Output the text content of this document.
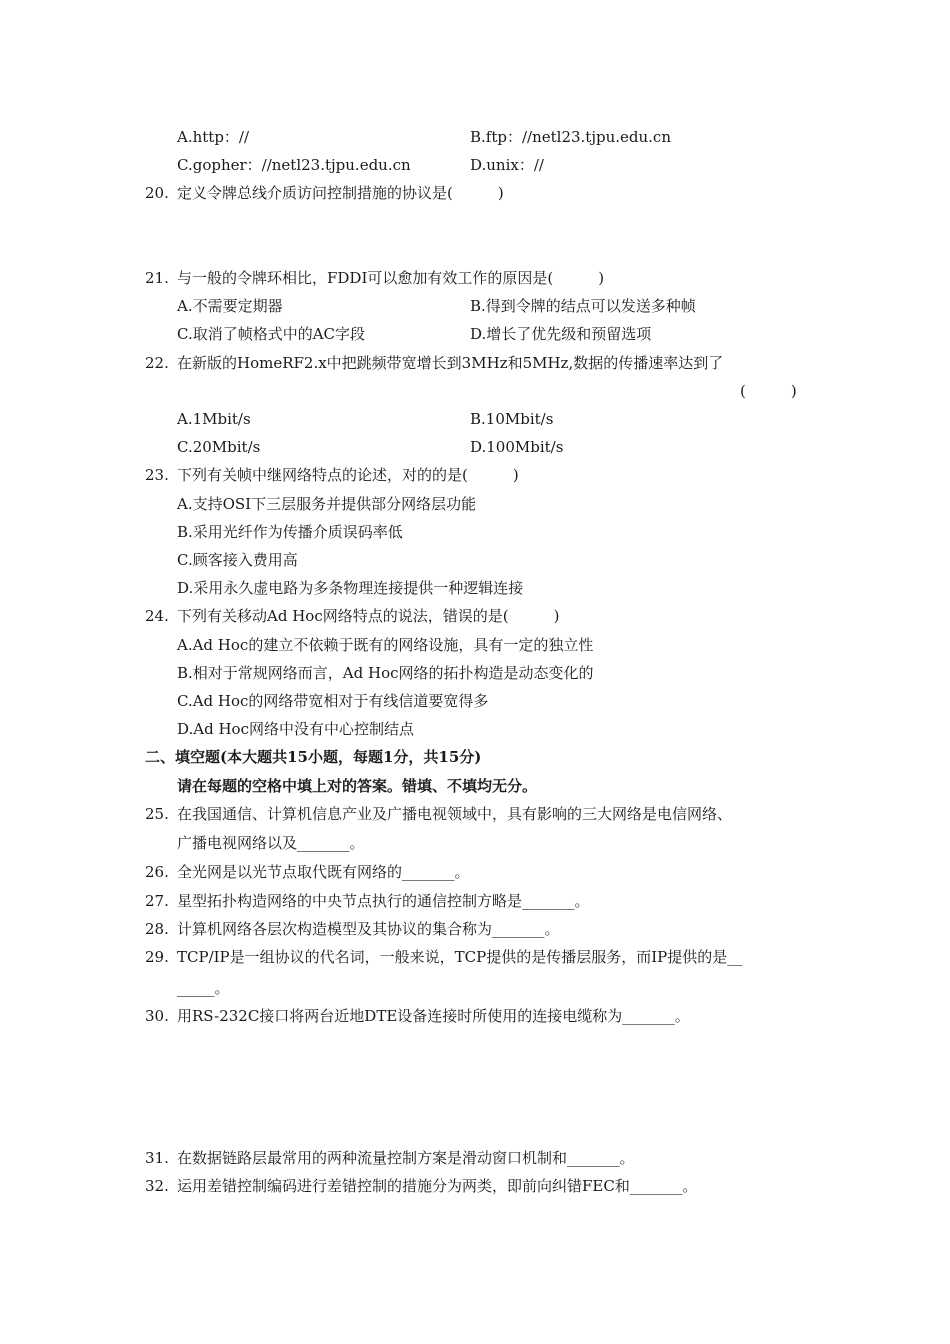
A.http：//	B.ftp：//netl23.tjpu.edu.cn
C.gopher：//netl23.tjpu.edu.cn	D.unix：//
20. 定义令牌总线介质访问控制措施的协议是(　　　)
21. 与一般的令牌环相比，FDDI可以愈加有效工作的原因是(　　　)
A.不需要定期器	B.得到令牌的结点可以发送多种帧
C.取消了帧格式中的AC字段	D.增长了优先级和预留选项
22. 在新版的HomeRF2.x中把跳频带宽增长到3MHz和5MHz,数据的传播速率达到了
(　　　)
A.1Mbit/s	B.10Mbit/s
C.20Mbit/s	D.100Mbit/s
23. 下列有关帧中继网络特点的论述，对的的是(　　　)
A.支持OSI下三层服务并提供部分网络层功能
B.采用光纤作为传播介质误码率低
C.顾客接入费用高
D.采用永久虚电路为多条物理连接提供一种逻辑连接
24. 下列有关移动Ad Hoc网络特点的说法，错误的是(　　　)
A.Ad Hoc的建立不依赖于既有的网络设施，具有一定的独立性
B.相对于常规网络而言，Ad Hoc网络的拓扑构造是动态变化的
C.Ad Hoc的网络带宽相对于有线信道要宽得多
D.Ad Hoc网络中没有中心控制结点
二、填空题(本大题共15小题，每题1分，共15分)
请在每题的空格中填上对的答案。错填、不填均无分。
25. 在我国通信、计算机信息产业及广播电视领域中，具有影响的三大网络是电信网络、
广播电视网络以及_______。
26. 全光网是以光节点取代既有网络的_______。
27. 星型拓扑构造网络的中央节点执行的通信控制方略是_______。
28. 计算机网络各层次构造模型及其协议的集合称为_______。
29. TCP/IP是一组协议的代名词，一般来说，TCP提供的是传播层服务，而IP提供的是__
_____。
30. 用RS-232C接口将两台近地DTE设备连接时所使用的连接电缆称为_______。
31. 在数据链路层最常用的两种流量控制方案是滑动窗口机制和_______。
32. 运用差错控制编码进行差错控制的措施分为两类，即前向纠错FEC和_______。
